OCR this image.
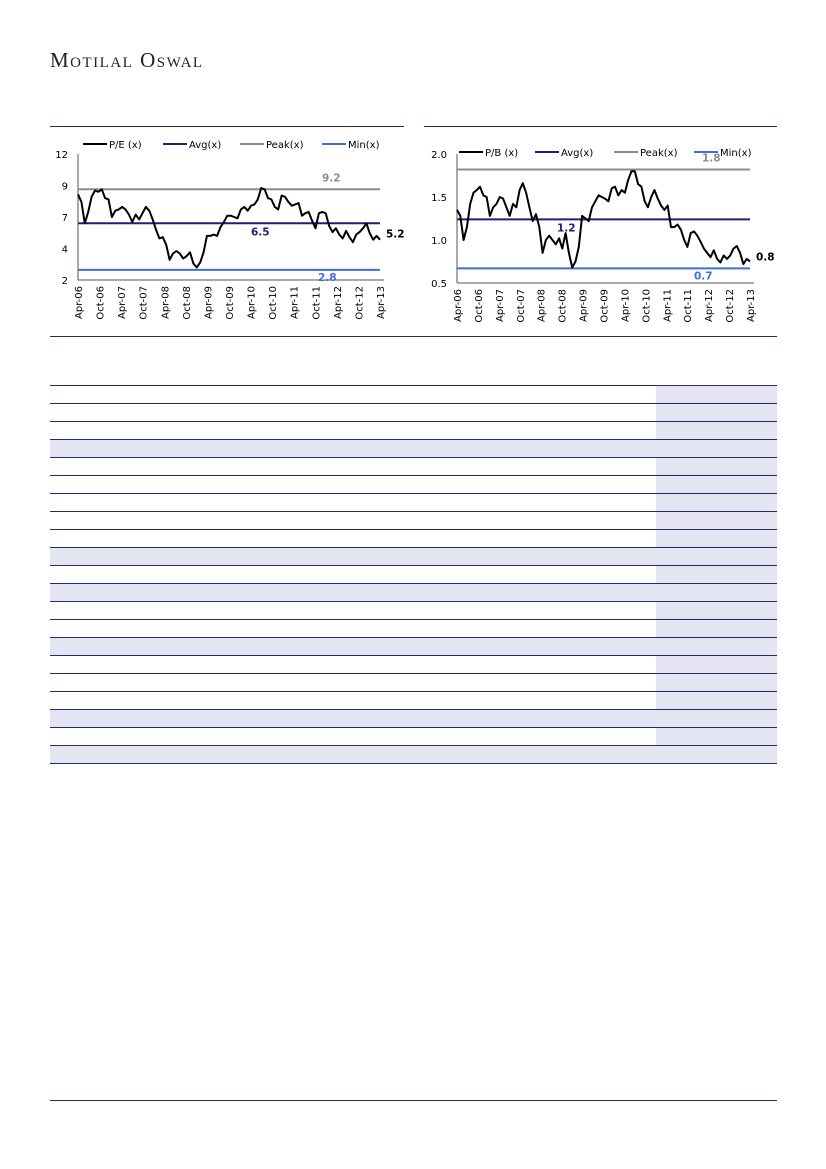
Motilal Oswal
12
9
7
4
2
6.5
9.2
2.8
5.2
Apr-06 Oct-06 Apr-07 Oct-07 Apr-08 Oct-08 Apr-09 Oct-09 Apr-10 Oct-10 Apr-11 Oct-11 Apr-12 Oct-12 Apr-13
P/E (x)	Avg(x)	Peak(x)	Min(x)
2.0
1.5
1.0
0.5
1.2
1.8
0.7
0.8
Apr-06 Oct-06 Apr-07 Oct-07 Apr-08 Oct-08 Apr-09 Oct-09 Apr-10 Oct-10 Apr-11 Oct-11 Apr-12 Oct-12 Apr-13
P/B (x)	Avg(x)	Peak(x)	Min(x)
